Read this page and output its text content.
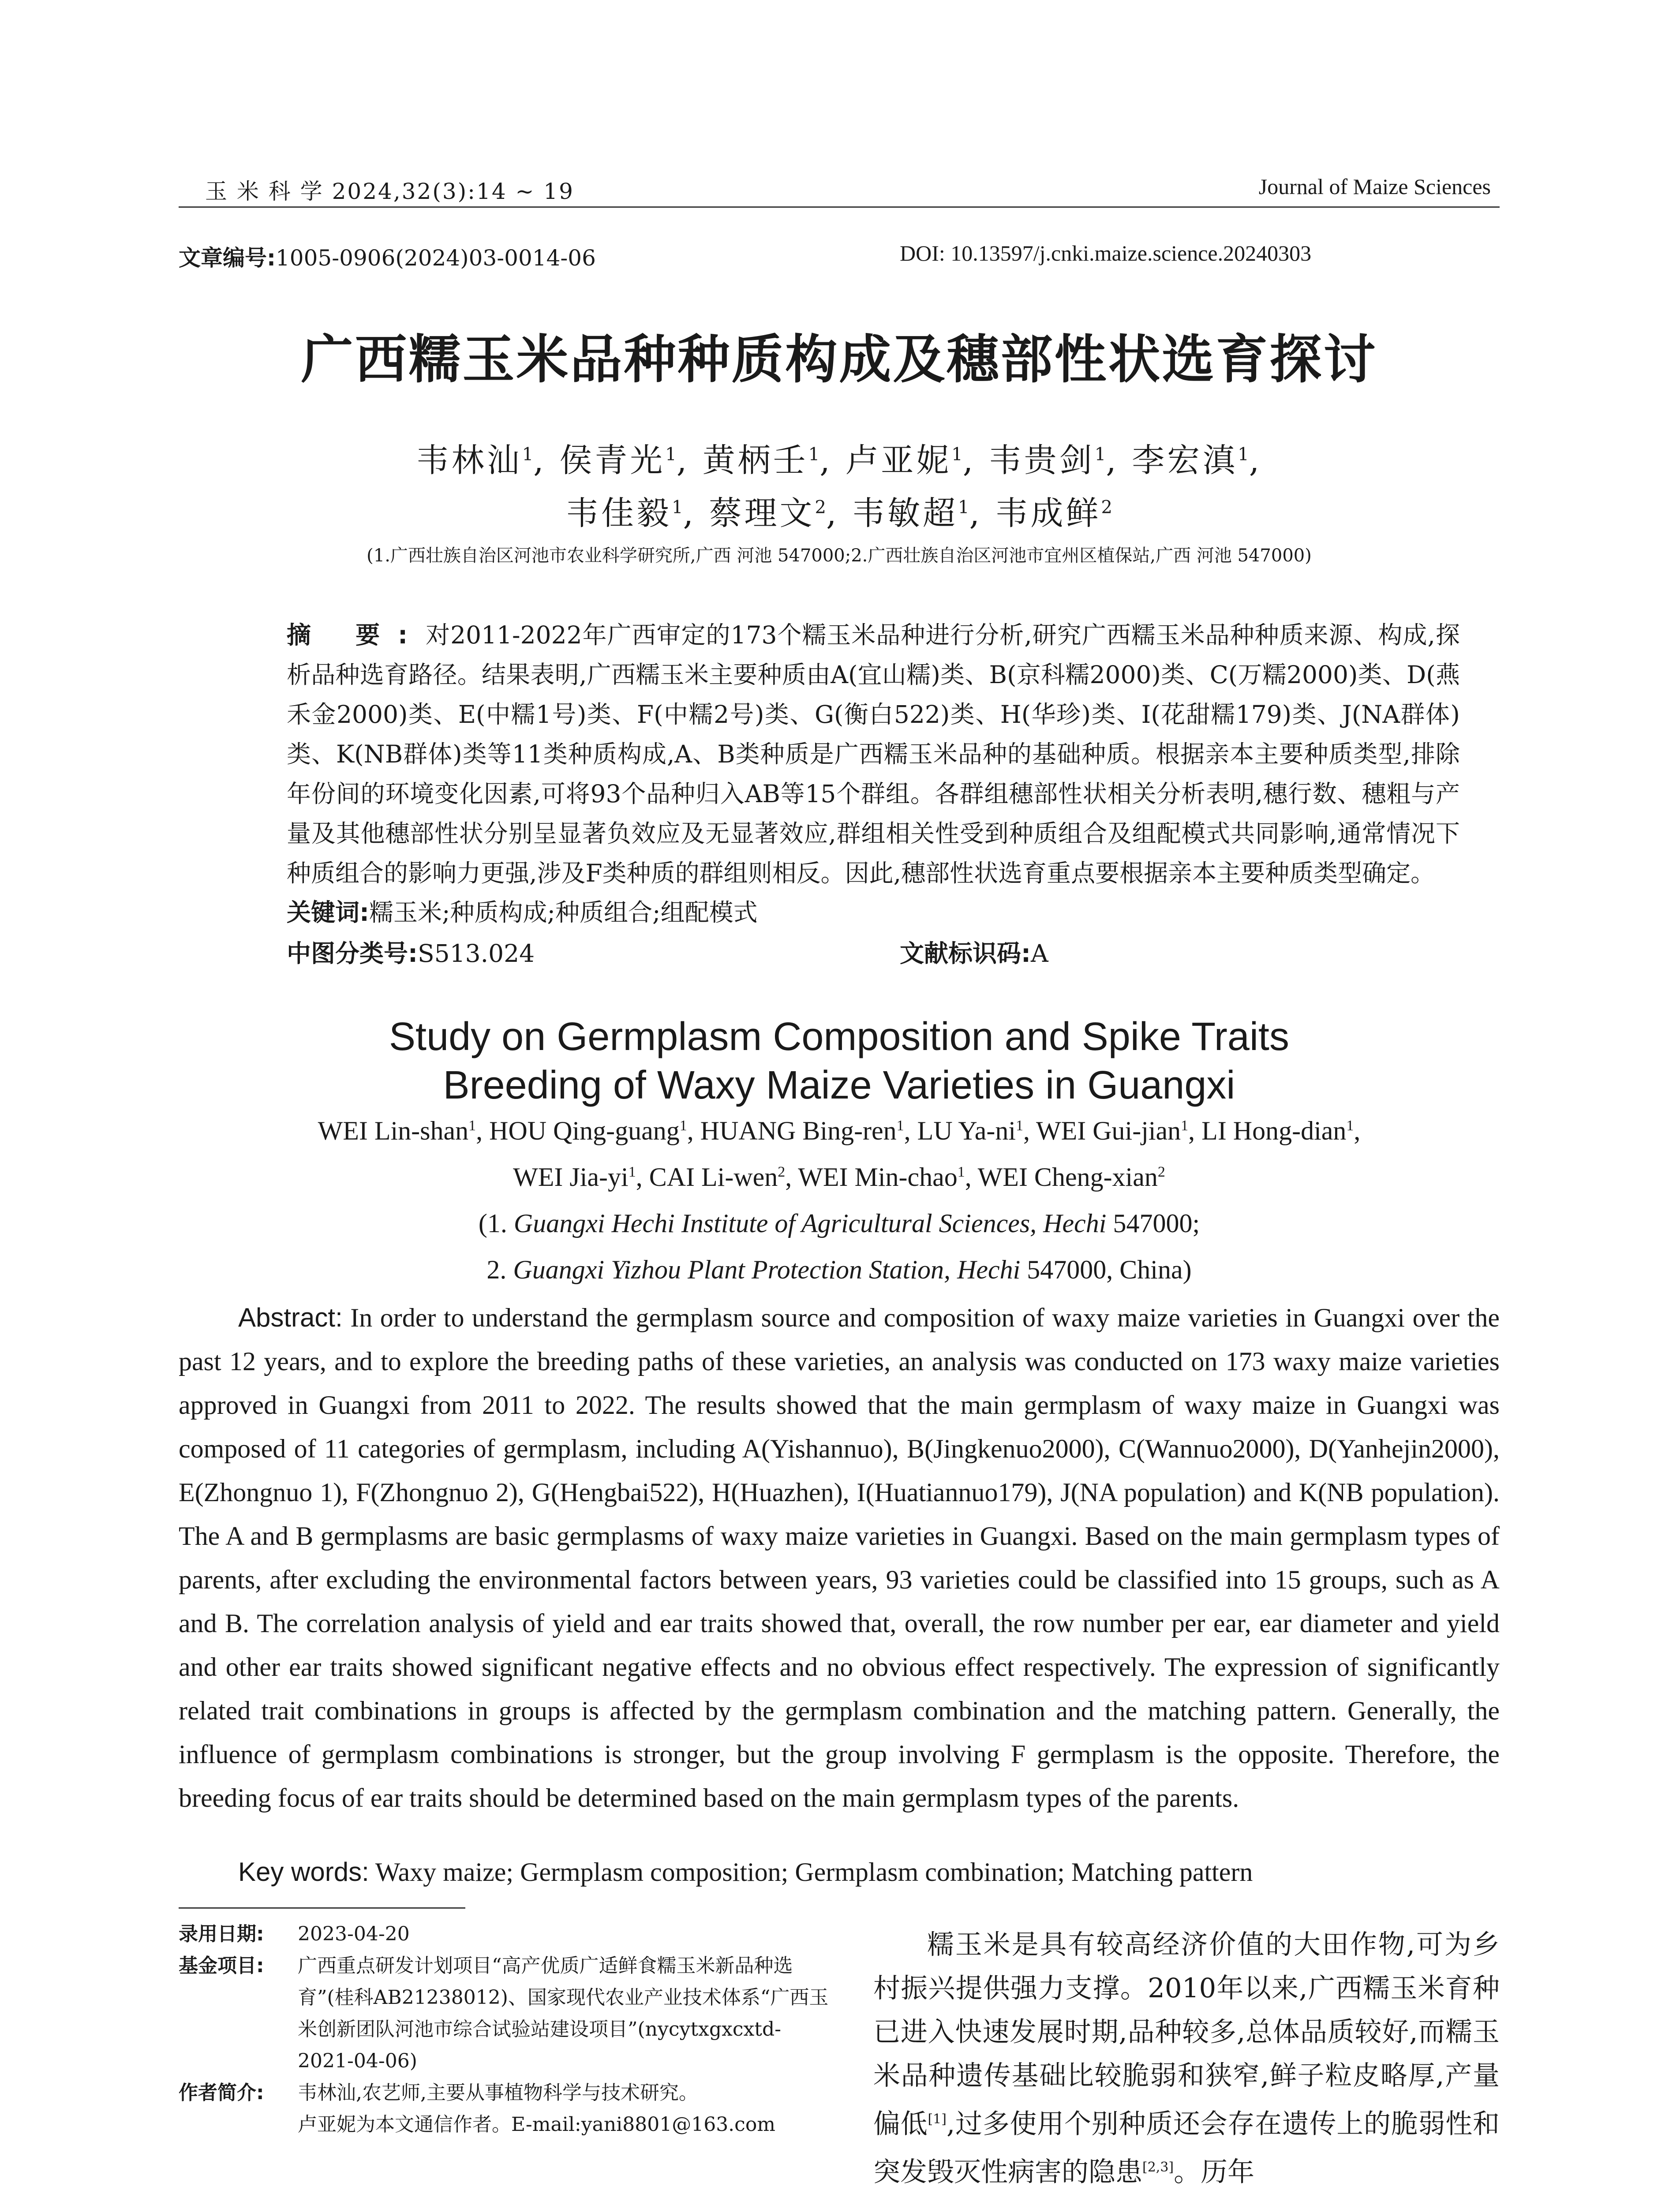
玉 米 科 学 2024,32(3):14 ~ 19	Journal of Maize Sciences
文章编号:1005-0906(2024)03-0014-06	DOI: 10.13597/j.cnki.maize.science.20240303
广西糯玉米品种种质构成及穗部性状选育探讨
韦林汕$^1$, 侯青光$^1$, 黄柄壬$^1$, 卢亚妮$^1$, 韦贵剑$^1$, 李宏滇$^1$,
韦佳毅$^1$, 蔡理文$^2$, 韦敏超$^1$, 韦成鲜$^2$
(1.广西壮族自治区河池市农业科学研究所,广西 河池 547000;2.广西壮族自治区河池市宜州区植保站,广西 河池 547000)
摘 要:对2011-2022年广西审定的173个糯玉米品种进行分析,研究广西糯玉米品种种质来源、构成,探析品种选育路径。结果表明,广西糯玉米主要种质由A(宜山糯)类、B(京科糯2000)类、C(万糯2000)类、D(燕禾金2000)类、E(中糯1号)类、F(中糯2号)类、G(衡白522)类、H(华珍)类、I(花甜糯179)类、J(NA群体)类、K(NB群体)类等11类种质构成,A、B类种质是广西糯玉米品种的基础种质。根据亲本主要种质类型,排除年份间的环境变化因素,可将93个品种归入AB等15个群组。各群组穗部性状相关分析表明,穗行数、穗粗与产量及其他穗部性状分别呈显著负效应及无显著效应,群组相关性受到种质组合及组配模式共同影响,通常情况下种质组合的影响力更强,涉及F类种质的群组则相反。因此,穗部性状选育重点要根据亲本主要种质类型确定。
关键词:糯玉米;种质构成;种质组合;组配模式
中图分类号:S513.024	文献标识码:A
Study on Germplasm Composition and Spike Traits
Breeding of Waxy Maize Varieties in Guangxi
WEI Lin-shan$^1$, HOU Qing-guang$^1$, HUANG Bing-ren$^1$, LU $Ya-ni^1$, WEI Gui-jian$^1$, LI Hong-dian$^1$,
WEI Jia-$yi^1$, CAI Li-wen$^2$, WEI Min-chao$^1$, WEI Cheng-xian$^2$
(1. Guangxi Hechi Institute of Agricultural Sciences, Hechi 547000;
2. Guangxi Yizhou Plant Protection Station, Hechi 547000, China)
Abstract: In order to understand the germplasm source and composition of waxy maize varieties in Guangxi over the past 12 years, and to explore the breeding paths of these varieties, an analysis was conducted on 173 waxy maize varieties approved in Guangxi from 2011 to 2022. The results showed that the main germplasm of waxy maize in Guangxi was composed of 11 categories of germplasm, including A(Yishannuo), B(Jingkenuo2000), C(Wannuo2000), D(Yanhejin2000), E(Zhongnuo 1), F(Zhongnuo 2), G(Hengbai522), H(Huazhen), I(Huatiannuo179), J(NA population) and K(NB population). The A and B germplasms are basic germplasms of waxy maize varieties in Guangxi. Based on the main germplasm types of parents, after excluding the environmental factors between years, 93 varieties could be classified into 15 groups, such as A and B. The correlation analysis of yield and ear traits showed that, overall, the row number per ear, ear diameter and yield and other ear traits showed significant negative effects and no obvious effect respectively. The expression of significantly related trait combinations in groups is affected by the germplasm combination and the matching pattern. Generally, the influence of germplasm combinations is stronger, but the group involving F germplasm is the opposite. Therefore, the breeding focus of ear traits should be determined based on the main germplasm types of the parents.
Key words: Waxy maize; Germplasm composition; Germplasm combination; Matching pattern
录用日期:	2023-04-20
基金项目:	广西重点研发计划项目“高产优质广适鲜食糯玉米新品种选育”(桂科AB21238012)、国家现代农业产业技术体系“广西玉米创新团队河池市综合试验站建设项目”(nycytxgxcxtd-2021-04-06)
作者简介:	韦林汕,农艺师,主要从事植物科学与技术研究。
卢亚妮为本文通信作者。E-mail:yani8801@163.com
糯玉米是具有较高经济价值的大田作物,可为乡村振兴提供强力支撑。2010年以来,广西糯玉米育种已进入快速发展时期,品种较多,总体品质较好,而糯玉米品种遗传基础比较脆弱和狭窄,鲜子粒皮略厚,产量偏低[1],过多使用个别种质还会存在遗传上的脆弱性和突发毁灭性病害的隐患[2,3]。历年
